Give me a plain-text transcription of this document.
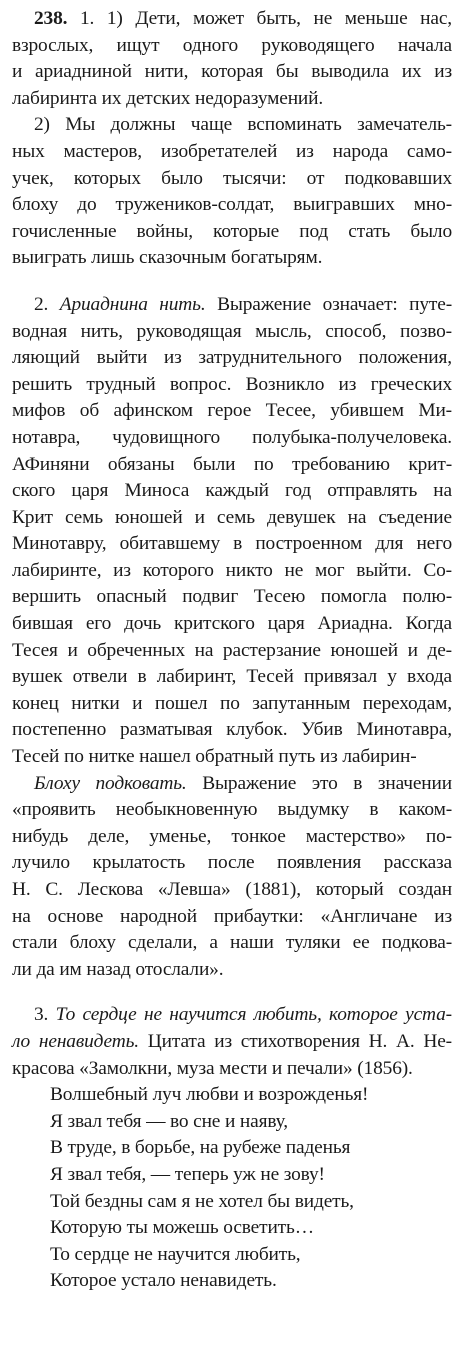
238. 1. 1) Дети, может быть, не меньше нас,
взрослых, ищут одного руководящего начала
и ариадниной нити, которая бы выводила их из
лабиринта их детских недоразумений.
2) Мы должны чаще вспоминать замечатель-
ных мастеров, изобретателей из народа само-
учек, которых было тысячи: от подковавших
блоху до тружеников-солдат, выигравших мно-
гочисленные войны, которые под стать было
выиграть лишь сказочным богатырям.
2. Ариаднина нить. Выражение означает: путе-
водная нить, руководящая мысль, способ, позво-
ляющий выйти из затруднительного положения,
решить трудный вопрос. Возникло из греческих
мифов об афинском герое Тесее, убившем Ми-
нотавра, чудовищного полубыка-получеловека.
АФиняни обязаны были по требованию крит-
ского царя Миноса каждый год отправлять на
Крит семь юношей и семь девушек на съедение
Минотавру, обитавшему в построенном для него
лабиринте, из которого никто не мог выйти. Со-
вершить опасный подвиг Тесею помогла полю-
бившая его дочь критского царя Ариадна. Когда
Тесея и обреченных на растерзание юношей и де-
вушек отвели в лабиринт, Тесей привязал у входа
конец нитки и пошел по запутанным переходам,
постепенно разматывая клубок. Убив Минотавра,
Тесей по нитке нашел обратный путь из лабирин-
Блоху подковать. Выражение это в значении
«проявить необыкновенную выдумку в каком-
нибудь деле, уменье, тонкое мастерство» по-
лучило крылатость после появления рассказа
Н. С. Лескова «Левша» (1881), который создан
на основе народной прибаутки: «Англичане из
стали блоху сделали, а наши туляки ее подкова-
ли да им назад отослали».
3. То сердце не научится любить, которое уста-
ло ненавидеть. Цитата из стихотворения Н. А. Не-
красова «Замолкни, муза мести и печали» (1856).
Волшебный луч любви и возрожденья!
Я звал тебя — во сне и наяву,
В труде, в борьбе, на рубеже паденья
Я звал тебя, — теперь уж не зову!
Той бездны сам я не хотел бы видеть,
Которую ты можешь осветить…
То сердце не научится любить,
Которое устало ненавидеть.
